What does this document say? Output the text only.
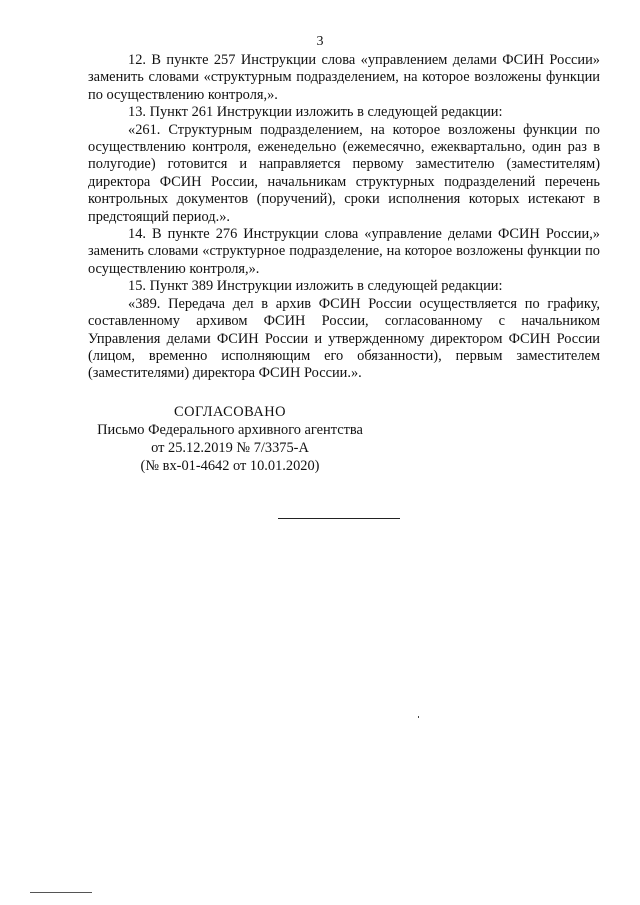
3

12. В пункте 257 Инструкции слова «управлением делами ФСИН России» заменить словами «структурным подразделением, на которое возложены функции по осуществлению контроля,».

13. Пункт 261 Инструкции изложить в следующей редакции:

«261. Структурным подразделением, на которое возложены функции по осуществлению контроля, еженедельно (ежемесячно, ежеквартально, один раз в полугодие) готовится и направляется первому заместителю (заместителям) директора ФСИН России, начальникам структурных подразделений перечень контрольных документов (поручений), сроки исполнения которых истекают в предстоящий период.».

14. В пункте 276 Инструкции слова «управление делами ФСИН России,» заменить словами «структурное подразделение, на которое возложены функции по осуществлению контроля,».

15. Пункт 389 Инструкции изложить в следующей редакции:

«389. Передача дел в архив ФСИН России осуществляется по графику, составленному архивом ФСИН России, согласованному с начальником Управления делами ФСИН России и утвержденному директором ФСИН России (лицом, временно исполняющим его обязанности), первым заместителем (заместителями) директора ФСИН России.».

СОГЛАСОВАНО
Письмо Федерального архивного агентства
от 25.12.2019 № 7/3375-А
(№ вх-01-4642 от 10.01.2020)
